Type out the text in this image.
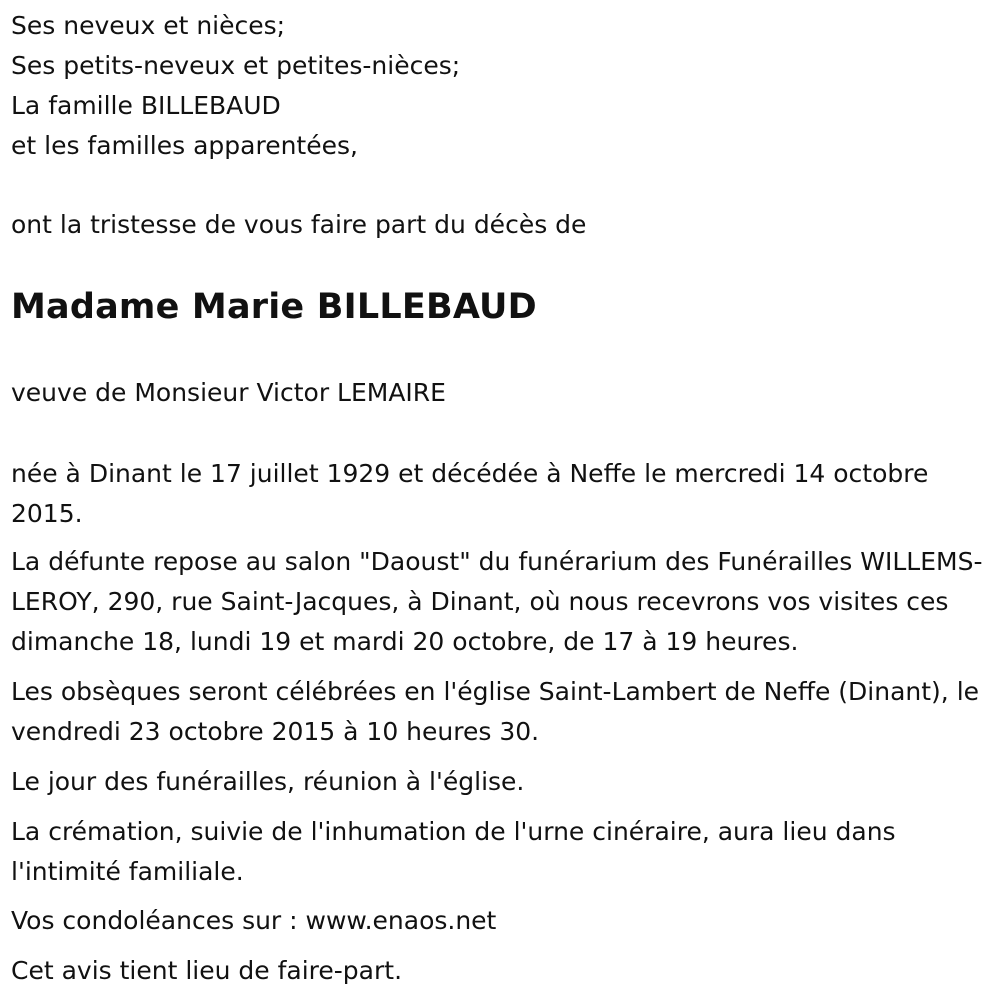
Ses neveux et nièces;
Ses petits-neveux et petites-nièces;
La famille BILLEBAUD
et les familles apparentées,
ont la tristesse de vous faire part du décès de
Madame Marie BILLEBAUD
veuve de Monsieur Victor LEMAIRE
née à Dinant le 17 juillet 1929 et décédée à Neffe le mercredi 14 octobre 2015.
La défunte repose au salon "Daoust" du funérarium des Funérailles WILLEMS-LEROY, 290, rue Saint-Jacques, à Dinant, où nous recevrons vos visites ces dimanche 18, lundi 19 et mardi 20 octobre, de 17 à 19 heures.
Les obsèques seront célébrées en l'église Saint-Lambert de Neffe (Dinant), le vendredi 23 octobre 2015 à 10 heures 30.
Le jour des funérailles, réunion à l'église.
La crémation, suivie de l'inhumation de l'urne cinéraire, aura lieu dans l'intimité familiale.
Vos condoléances sur : www.enaos.net
Cet avis tient lieu de faire-part.
